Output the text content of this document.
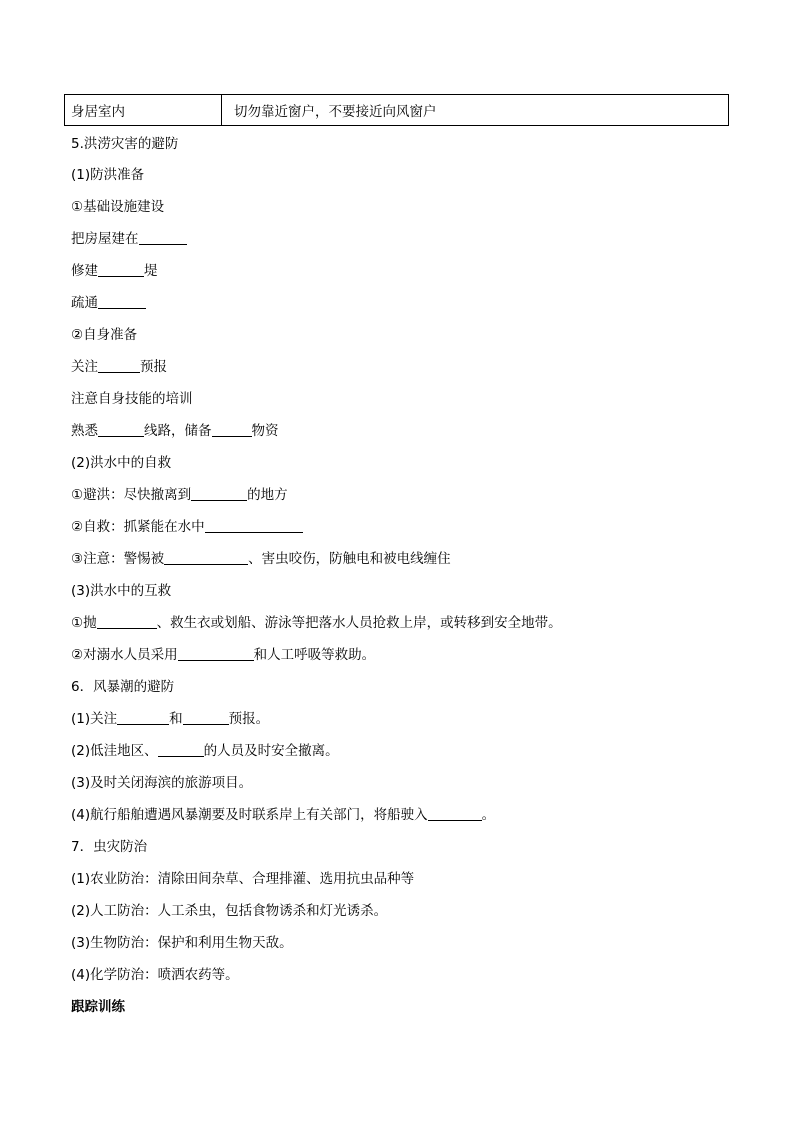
身居室内	切勿靠近窗户，不要接近向风窗户
5.洪涝灾害的避防
(1)防洪准备
①基础设施建设
把房屋建在
修建	堤
疏通
②自身准备
关注	预报
注意自身技能的培训
熟悉	线路，储备	物资
(2)洪水中的自救
①避洪：尽快撤离到	的地方
②自救：抓紧能在水中
③注意：警惕被	、害虫咬伤，防触电和被电线缠住
(3)洪水中的互救
①抛	、救生衣或划船、游泳等把落水人员抢救上岸，或转移到安全地带。
②对溺水人员采用	和人工呼吸等救助。
6．风暴潮的避防
(1)关注	和	预报。
(2)低洼地区、	的人员及时安全撤离。
(3)及时关闭海滨的旅游项目。
(4)航行船舶遭遇风暴潮要及时联系岸上有关部门，将船驶入	。
7．虫灾防治
(1)农业防治：清除田间杂草、合理排灌、选用抗虫品种等
(2)人工防治：人工杀虫，包括食物诱杀和灯光诱杀。
(3)生物防治：保护和利用生物天敌。
(4)化学防治：喷洒农药等。
跟踪训练
